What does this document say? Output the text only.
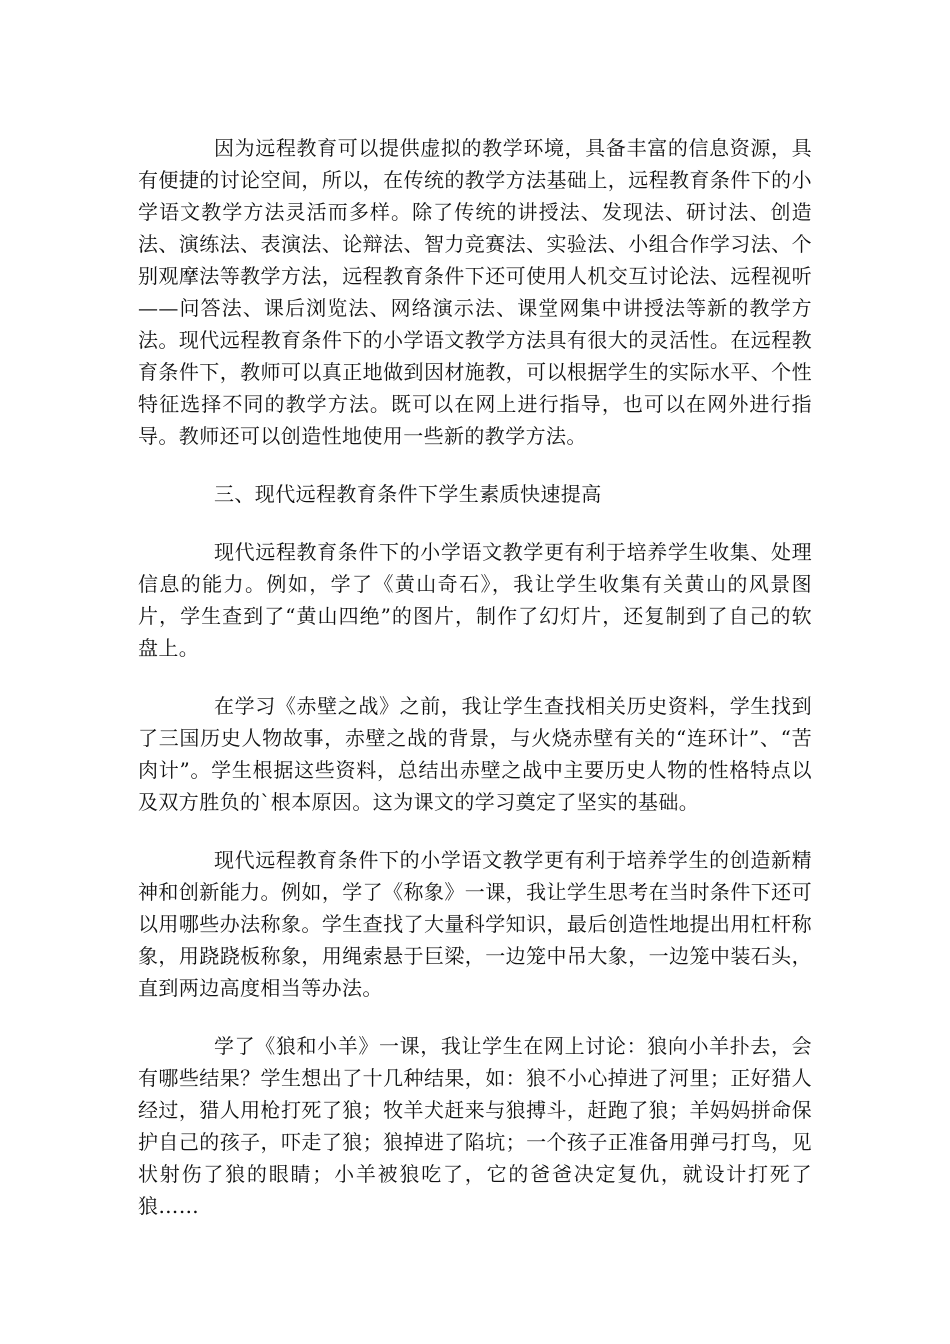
因为远程教育可以提供虚拟的教学环境，具备丰富的信息资源，具有便捷的讨论空间，所以，在传统的教学方法基础上，远程教育条件下的小学语文教学方法灵活而多样。除了传统的讲授法、发现法、研讨法、创造法、演练法、表演法、论辩法、智力竞赛法、实验法、小组合作学习法、个别观摩法等教学方法，远程教育条件下还可使用人机交互讨论法、远程视听——问答法、课后浏览法、网络演示法、课堂网集中讲授法等新的教学方法。现代远程教育条件下的小学语文教学方法具有很大的灵活性。在远程教育条件下，教师可以真正地做到因材施教，可以根据学生的实际水平、个性特征选择不同的教学方法。既可以在网上进行指导，也可以在网外进行指导。教师还可以创造性地使用一些新的教学方法。

三、现代远程教育条件下学生素质快速提高

现代远程教育条件下的小学语文教学更有利于培养学生收集、处理信息的能力。例如，学了《黄山奇石》，我让学生收集有关黄山的风景图片，学生查到了“黄山四绝”的图片，制作了幻灯片，还复制到了自己的软盘上。

在学习《赤壁之战》之前，我让学生查找相关历史资料，学生找到了三国历史人物故事，赤壁之战的背景，与火烧赤壁有关的“连环计”、“苦肉计”。学生根据这些资料，总结出赤壁之战中主要历史人物的性格特点以及双方胜负的`根本原因。这为课文的学习奠定了坚实的基础。

现代远程教育条件下的小学语文教学更有利于培养学生的创造新精神和创新能力。例如，学了《称象》一课，我让学生思考在当时条件下还可以用哪些办法称象。学生查找了大量科学知识，最后创造性地提出用杠杆称象，用跷跷板称象，用绳索悬于巨梁，一边笼中吊大象，一边笼中装石头，直到两边高度相当等办法。

学了《狼和小羊》一课，我让学生在网上讨论：狼向小羊扑去，会有哪些结果？学生想出了十几种结果，如：狼不小心掉进了河里；正好猎人经过，猎人用枪打死了狼；牧羊犬赶来与狼搏斗，赶跑了狼；羊妈妈拼命保护自己的孩子，吓走了狼；狼掉进了陷坑；一个孩子正准备用弹弓打鸟，见状射伤了狼的眼睛；小羊被狼吃了，它的爸爸决定复仇，就设计打死了狼……
